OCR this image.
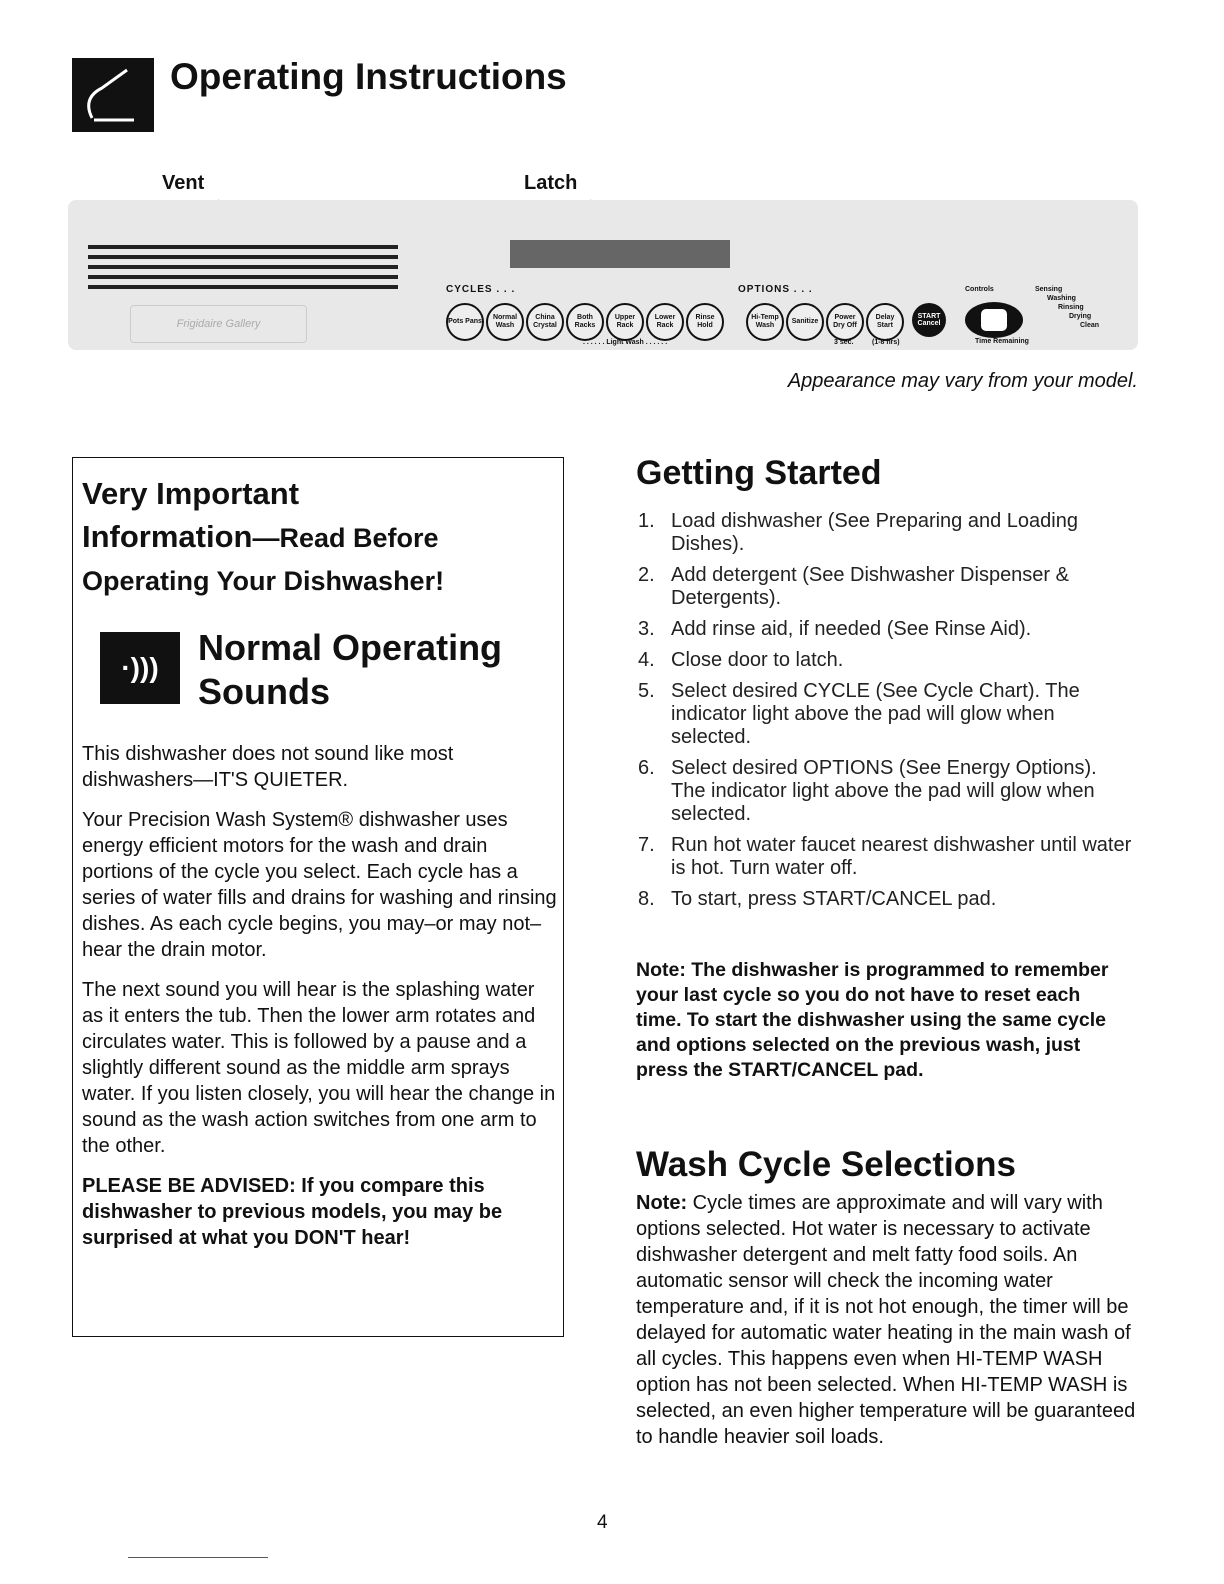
Operating Instructions
Vent	Latch
Frigidaire Gallery
CYCLES . . .	OPTIONS . . .
Pots Pans
Normal Wash
China Crystal
Both Racks
Upper Rack
Lower Rack
Rinse Hold
. . . . . . Light Wash . . . . . .
Hi-Temp Wash
Sanitize
Power Dry Off
Delay Start
3 sec.	(1-8 hrs)
START
Cancel
Controls
Time Remaining
Sensing
Washing
Rinsing
Drying
Clean
Appearance may vary from your model.
Very Important
Information—Read Before
Operating Your Dishwasher!
·)))	Normal Operating
Sounds

This dishwasher does not sound like most dishwashers—IT'S QUIETER.

Your Precision Wash System® dishwasher uses energy efficient motors for the wash and drain portions of the cycle you select. Each cycle has a series of water fills and drains for washing and rinsing dishes. As each cycle begins, you may–or may not–hear the drain motor.

The next sound you will hear is the splashing water as it enters the tub. Then the lower arm rotates and circulates water. This is followed by a pause and a slightly different sound as the middle arm sprays water. If you listen closely, you will hear the change in sound as the wash action switches from one arm to the other.

PLEASE BE ADVISED: If you compare this dishwasher to previous models, you may be surprised at what you DON'T hear!

Getting Started
1. Load dishwasher (See Preparing and Loading Dishes).
2. Add detergent (See Dishwasher Dispenser & Detergents).
3. Add rinse aid, if needed (See Rinse Aid).
4. Close door to latch.
5. Select desired CYCLE (See Cycle Chart). The indicator light above the pad will glow when selected.
6. Select desired OPTIONS (See Energy Options). The indicator light above the pad will glow when selected.
7. Run hot water faucet nearest dishwasher until water is hot. Turn water off.
8. To start, press START/CANCEL pad.
Note: The dishwasher is programmed to remember your last cycle so you do not have to reset each time. To start the dishwasher using the same cycle and options selected on the previous wash, just press the START/CANCEL pad.
Wash Cycle Selections
Note: Cycle times are approximate and will vary with options selected. Hot water is necessary to activate dishwasher detergent and melt fatty food soils. An automatic sensor will check the incoming water temperature and, if it is not hot enough, the timer will be delayed for automatic water heating in the main wash of all cycles. This happens even when HI-TEMP WASH option has not been selected. When HI-TEMP WASH is selected, an even higher temperature will be guaranteed to handle heavier soil loads.
4
